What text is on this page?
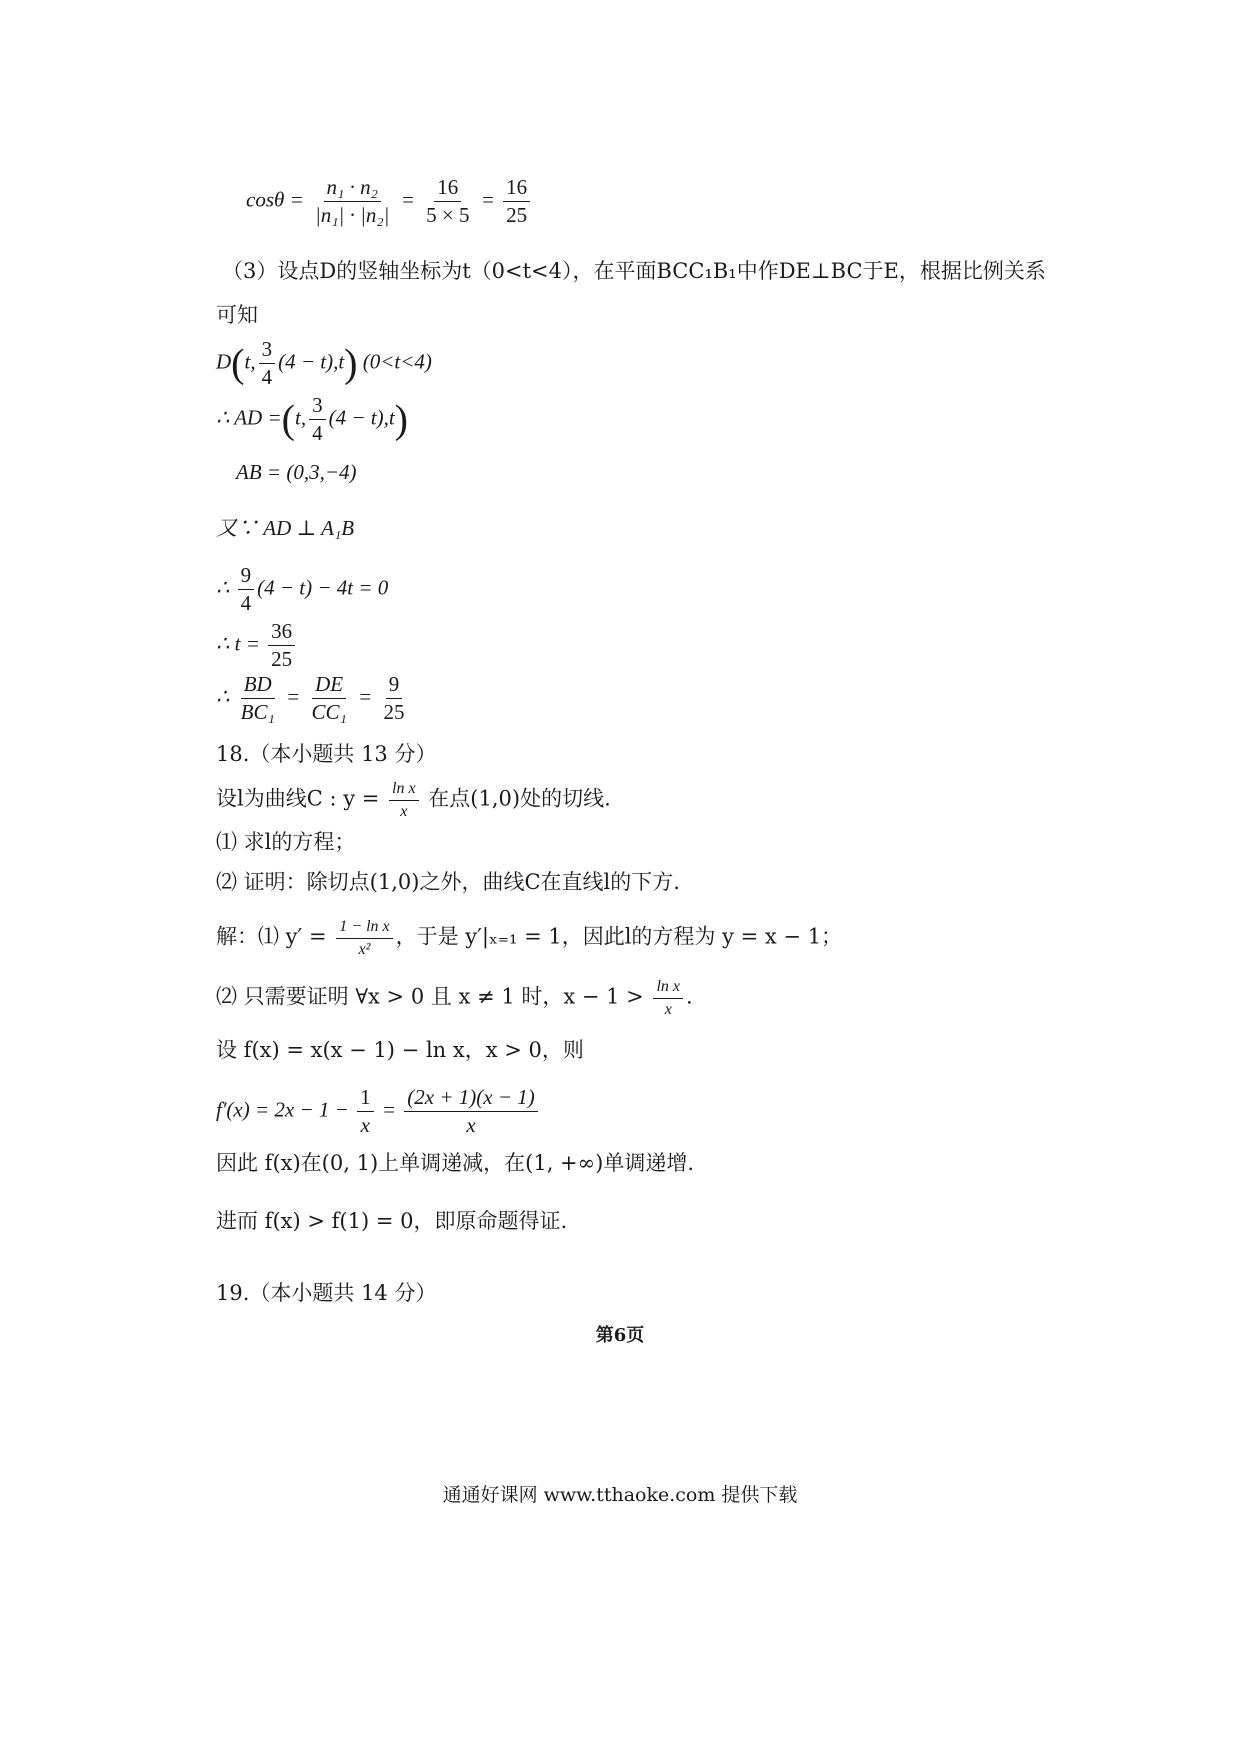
$\cos\theta = \frac{\text{n₁ · n₂}}{\text{|n₁| · |n₂|}} = \frac{16}{5 \times 5} = \frac{16}{25}$
（3）设点D的竖轴坐标为t（0<t<4），在平面BCC₁B₁中作DE⊥BC于E，根据比例关系
可知
D(t, $\frac{3}{4} (4 - t),t$) (0<t<4)
∴ AD =(t, $\frac{3}{4} (4 - t),t$)
AB = (0,3,−4)
又∵ AD ⊥ A₁B
∴ $\frac{9}{4} (4 - t) - 4t = 0$
∴ $t = \frac{36}{25}$
∴ $\frac{BD}{\text{BC₁}} = \frac{DE}{\text{CC₁}} = \frac{9}{25}$
18.（本小题共 13 分）
设l为曲线C : $y = \frac{\text{ln x}}{x}$ 在点(1,0)处的切线.
⑴ 求l的方程；
⑵ 证明：除切点(1,0)之外，曲线C在直线l的下方.
解：⑴ $y' = \frac{\text{1 − ln x}}{\text{x²}}$ ，于是 y′|ₓ₌₁ = 1，因此l的方程为 y = x − 1；
⑵ 只需要证明 ∀x > 0 且 x ≠ 1 时，$x - 1 > \frac{\text{ln x}}{x}$ .
设 f(x) = x(x − 1) − ln x，x > 0，则
$f'(x) = 2x - 1 - \frac{1}{x} = \frac{(2x + 1)(x - 1)}{x}$
因此 f(x)在(0, 1)上单调递减，在(1, +∞)单调递增.
进而 f(x) > f(1) = 0，即原命题得证.
19.（本小题共 14 分）
第6页
通通好课网 www.tthaoke.com 提供下载
